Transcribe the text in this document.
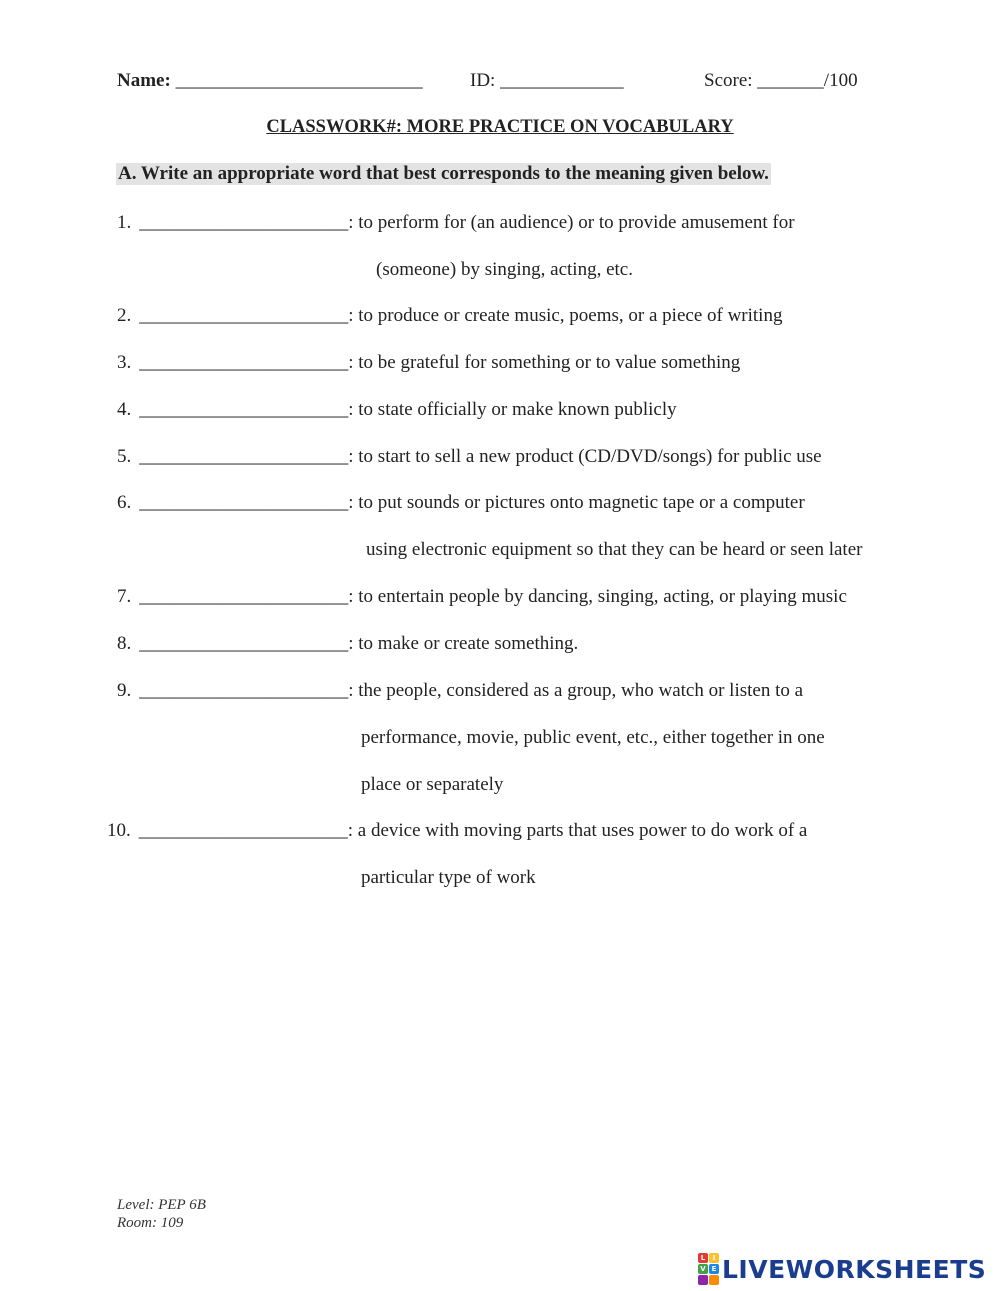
Name: __________________________ ID: _____________	Score: _______/100
CLASSWORK#: MORE PRACTICE ON VOCABULARY
A. Write an appropriate word that best corresponds to the meaning given below.
1. ______________________: to perform for (an audience) or to provide amusement for
(someone) by singing, acting, etc.
2. ______________________: to produce or create music, poems, or a piece of writing
3. ______________________: to be grateful for something or to value something
4. ______________________: to state officially or make known publicly
5. ______________________: to start to sell a new product (CD/DVD/songs) for public use
6. ______________________: to put sounds or pictures onto magnetic tape or a computer
using electronic equipment so that they can be heard or seen later
7. ______________________: to entertain people by dancing, singing, acting, or playing music
8. ______________________: to make or create something.
9. ______________________: the people, considered as a group, who watch or listen to a
performance, movie, public event, etc., either together in one
place or separately
10. ______________________: a device with moving parts that uses power to do work of a
particular type of work
Level: PEP 6B
Room: 109
L	I
V E LIVEWORKSHEETS
